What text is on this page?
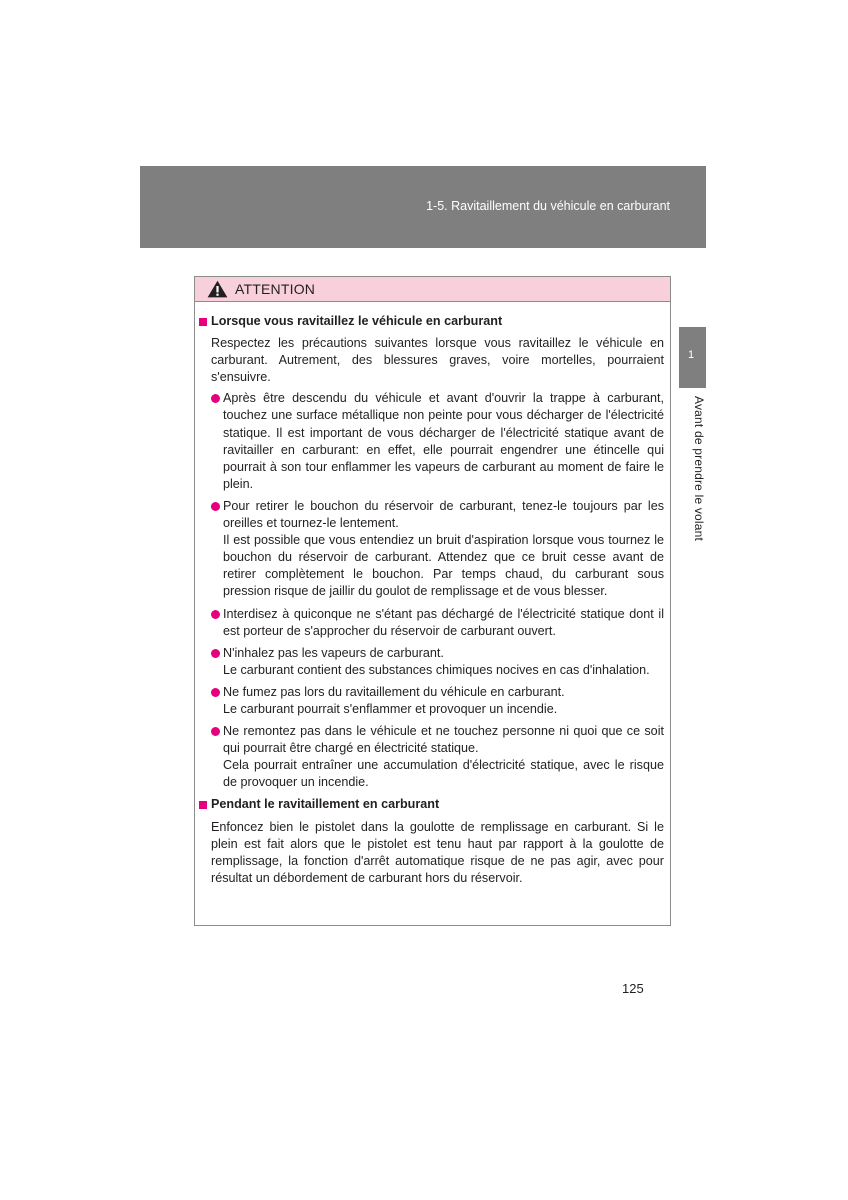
1-5. Ravitaillement du véhicule en carburant
1
Avant de prendre le volant
ATTENTION
Lorsque vous ravitaillez le véhicule en carburant

Respectez les précautions suivantes lorsque vous ravitaillez le véhicule en carburant. Autrement, des blessures graves, voire mortelles, pourraient s'ensuivre.

Après être descendu du véhicule et avant d'ouvrir la trappe à carburant, touchez une surface métallique non peinte pour vous décharger de l'électricité statique. Il est important de vous décharger de l'électricité statique avant de ravitailler en carburant: en effet, elle pourrait engendrer une étincelle qui pourrait à son tour enflammer les vapeurs de carburant au moment de faire le plein.
Pour retirer le bouchon du réservoir de carburant, tenez-le toujours par les oreilles et tournez-le lentement.
Il est possible que vous entendiez un bruit d'aspiration lorsque vous tournez le bouchon du réservoir de carburant. Attendez que ce bruit cesse avant de retirer complètement le bouchon. Par temps chaud, du carburant sous pression risque de jaillir du goulot de remplissage et de vous blesser.
Interdisez à quiconque ne s'étant pas déchargé de l'électricité statique dont il est porteur de s'approcher du réservoir de carburant ouvert.
N'inhalez pas les vapeurs de carburant.
Le carburant contient des substances chimiques nocives en cas d'inhalation.
Ne fumez pas lors du ravitaillement du véhicule en carburant.
Le carburant pourrait s'enflammer et provoquer un incendie.
Ne remontez pas dans le véhicule et ne touchez personne ni quoi que ce soit qui pourrait être chargé en électricité statique.
Cela pourrait entraîner une accumulation d'électricité statique, avec le risque de provoquer un incendie.
Pendant le ravitaillement en carburant

Enfoncez bien le pistolet dans la goulotte de remplissage en carburant. Si le plein est fait alors que le pistolet est tenu haut par rapport à la goulotte de remplissage, la fonction d'arrêt automatique risque de ne pas agir, avec pour résultat un débordement de carburant hors du réservoir.

125
